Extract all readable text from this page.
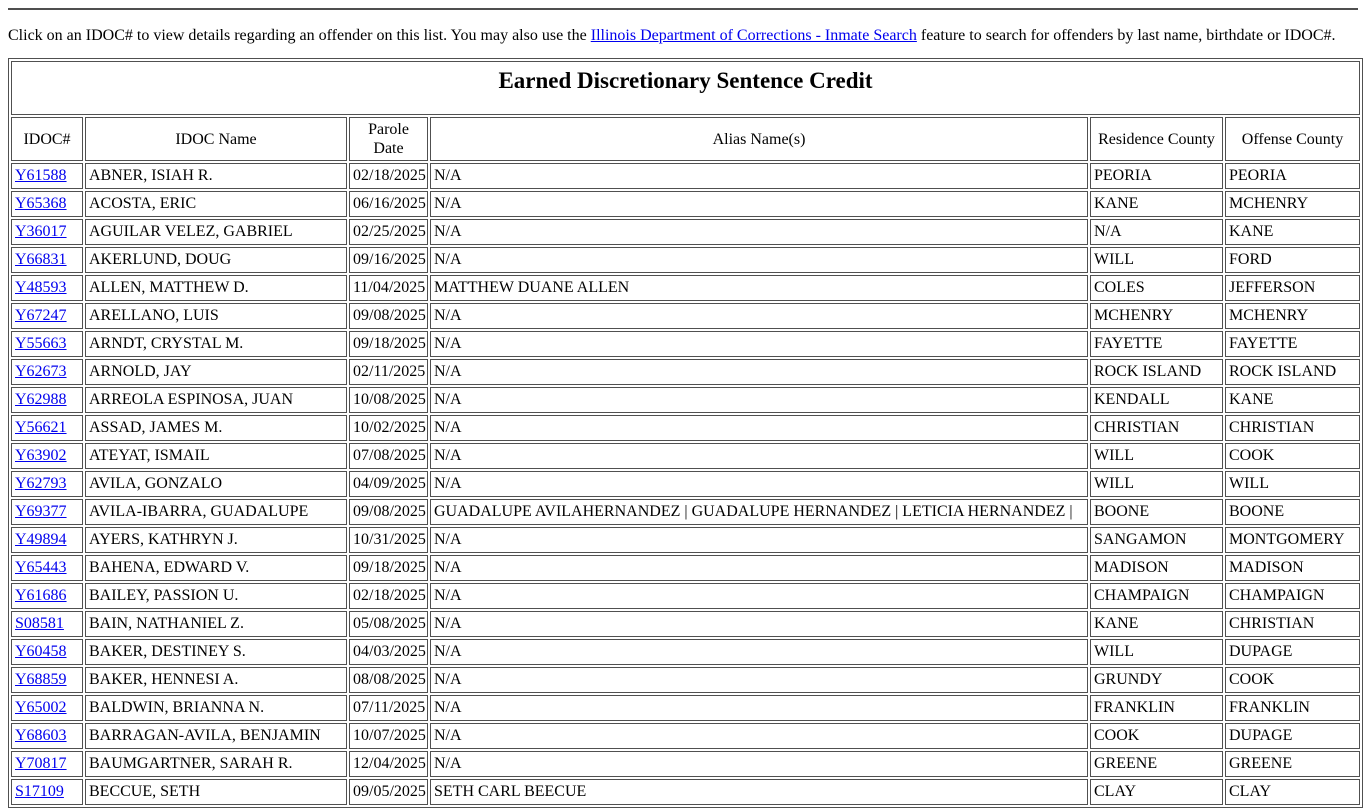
Click on an IDOC# to view details regarding an offender on this list. You may also use the Illinois Department of Corrections - Inmate Search feature to search for offenders by last name, birthdate or IDOC#.

Earned Discretionary Sentence Credit					

IDOC#	IDOC Name	Parole Date	Alias Name(s)	Residence County	Offense County
Y61588	ABNER, ISIAH R.	02/18/2025	N/A	PEORIA	PEORIA
Y65368	ACOSTA, ERIC	06/16/2025	N/A	KANE	MCHENRY
Y36017	AGUILAR VELEZ, GABRIEL	02/25/2025	N/A	N/A	KANE
Y66831	AKERLUND, DOUG	09/16/2025	N/A	WILL	FORD
Y48593	ALLEN, MATTHEW D.	11/04/2025	MATTHEW DUANE ALLEN	COLES	JEFFERSON
Y67247	ARELLANO, LUIS	09/08/2025	N/A	MCHENRY	MCHENRY
Y55663	ARNDT, CRYSTAL M.	09/18/2025	N/A	FAYETTE	FAYETTE
Y62673	ARNOLD, JAY	02/11/2025	N/A	ROCK ISLAND	ROCK ISLAND
Y62988	ARREOLA ESPINOSA, JUAN	10/08/2025	N/A	KENDALL	KANE
Y56621	ASSAD, JAMES M.	10/02/2025	N/A	CHRISTIAN	CHRISTIAN
Y63902	ATEYAT, ISMAIL	07/08/2025	N/A	WILL	COOK
Y62793	AVILA, GONZALO	04/09/2025	N/A	WILL	WILL
Y69377	AVILA-IBARRA, GUADALUPE	09/08/2025	GUADALUPE AVILAHERNANDEZ | GUADALUPE HERNANDEZ | LETICIA HERNANDEZ |	BOONE	BOONE
Y49894	AYERS, KATHRYN J.	10/31/2025	N/A	SANGAMON	MONTGOMERY
Y65443	BAHENA, EDWARD V.	09/18/2025	N/A	MADISON	MADISON
Y61686	BAILEY, PASSION U.	02/18/2025	N/A	CHAMPAIGN	CHAMPAIGN
S08581	BAIN, NATHANIEL Z.	05/08/2025	N/A	KANE	CHRISTIAN
Y60458	BAKER, DESTINEY S.	04/03/2025	N/A	WILL	DUPAGE
Y68859	BAKER, HENNESI A.	08/08/2025	N/A	GRUNDY	COOK
Y65002	BALDWIN, BRIANNA N.	07/11/2025	N/A	FRANKLIN	FRANKLIN
Y68603	BARRAGAN-AVILA, BENJAMIN	10/07/2025	N/A	COOK	DUPAGE
Y70817	BAUMGARTNER, SARAH R.	12/04/2025	N/A	GREENE	GREENE
S17109	BECCUE, SETH	09/05/2025	SETH CARL BEECUE	CLAY	CLAY
